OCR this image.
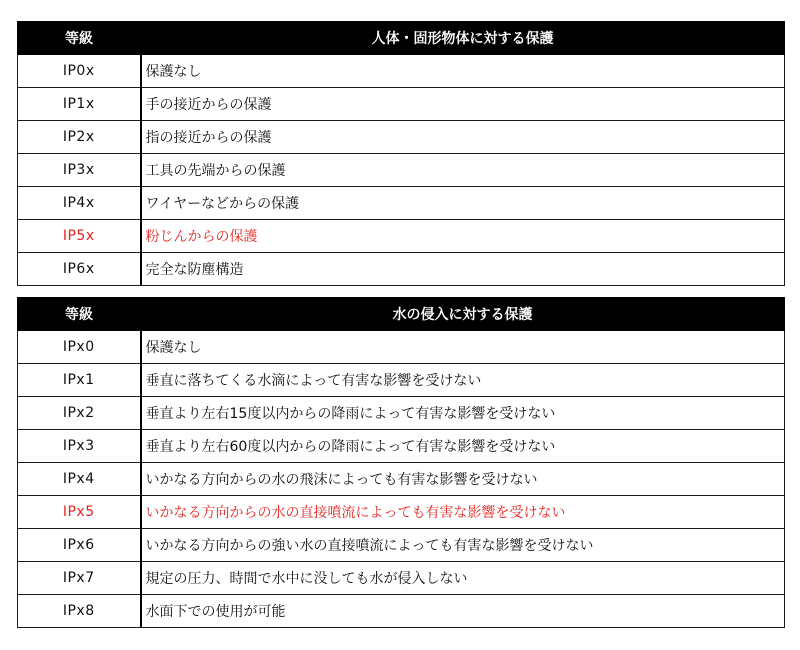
等級	人体・固形物体に対する保護
IP0x	保護なし
IP1x	手の接近からの保護
IP2x	指の接近からの保護
IP3x	工具の先端からの保護
IP4x	ワイヤーなどからの保護
IP5x	粉じんからの保護
IP6x	完全な防塵構造
等級	水の侵入に対する保護
IPx0	保護なし
IPx1	垂直に落ちてくる水滴によって有害な影響を受けない
IPx2	垂直より左右15度以内からの降雨によって有害な影響を受けない
IPx3	垂直より左右60度以内からの降雨によって有害な影響を受けない
IPx4	いかなる方向からの水の飛沫によっても有害な影響を受けない
IPx5	いかなる方向からの水の直接噴流によっても有害な影響を受けない
IPx6	いかなる方向からの強い水の直接噴流によっても有害な影響を受けない
IPx7	規定の圧力、時間で水中に没しても水が侵入しない
IPx8	水面下での使用が可能
